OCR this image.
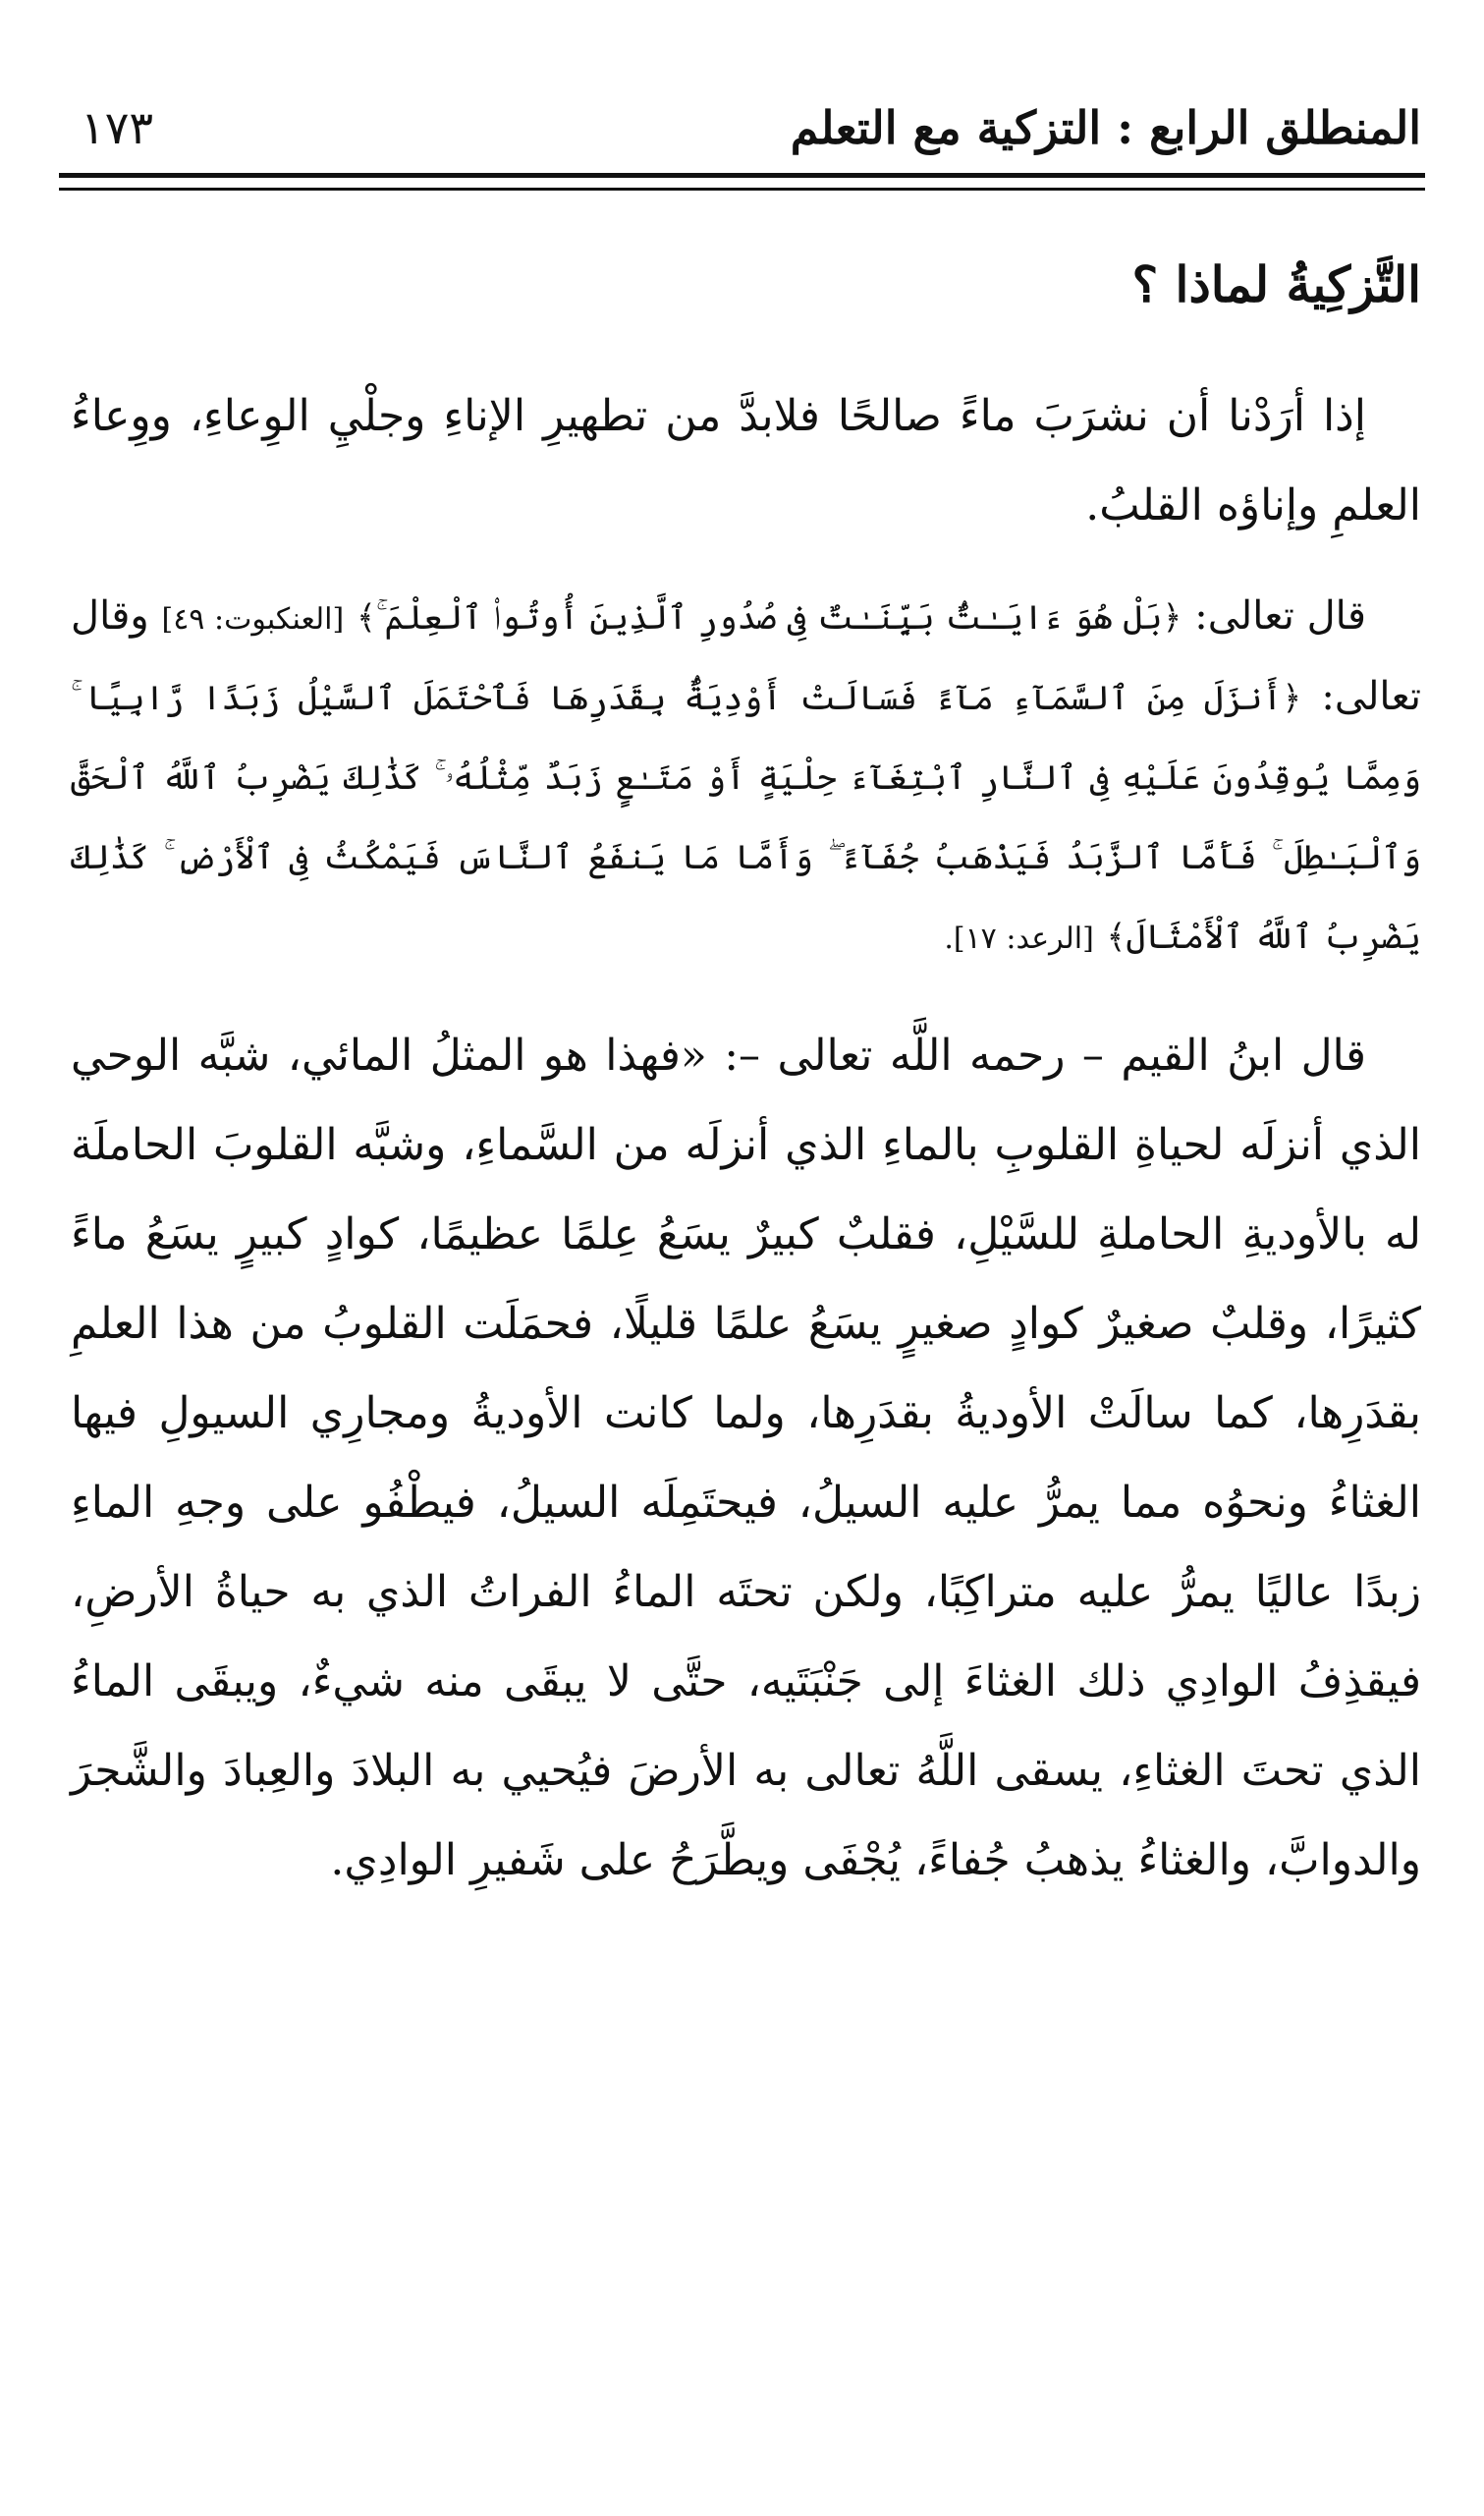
المنطلق الرابع : التزكية مع التعلم
١٧٣
التَّزكِيةُ لماذا ؟

إذا أرَدْنا أن نشرَبَ ماءً صالحًا فلابدَّ من تطهيرِ الإناءِ وجلْيِ الوِعاءِ، ووِعاءُ العلمِ وإناؤه القلبُ.

قال تعالى: ﴿بَلْ هُوَ ءَايَـٰتٌۢ بَيِّنَـٰتٌ فِى صُدُورِ ٱلَّذِينَ أُوتُوا۟ ٱلْعِلْمَ ۚ﴾ [العنكبوت: ٤٩] وقال تعالى: ﴿أَنزَلَ مِنَ ٱلسَّمَآءِ مَآءً فَسَالَتْ أَوْدِيَةٌۢ بِقَدَرِهَا فَٱحْتَمَلَ ٱلسَّيْلُ زَبَدًا رَّابِيًا ۚ وَمِمَّا يُوقِدُونَ عَلَيْهِ فِى ٱلنَّارِ ٱبْتِغَآءَ حِلْيَةٍ أَوْ مَتَـٰعٍ زَبَدٌ مِّثْلُهُۥ ۚ كَذَٰلِكَ يَضْرِبُ ٱللَّهُ ٱلْحَقَّ وَٱلْبَـٰطِلَ ۚ فَأَمَّا ٱلزَّبَدُ فَيَذْهَبُ جُفَآءً ۖ وَأَمَّا مَا يَنفَعُ ٱلنَّاسَ فَيَمْكُثُ فِى ٱلْأَرْضِ ۚ كَذَٰلِكَ يَضْرِبُ ٱللَّهُ ٱلْأَمْثَالَ﴾ [الرعد: ١٧].

قال ابنُ القيم – رحمه اللَّه تعالى –: «فهذا هو المثلُ المائي، شبَّه الوحي الذي أنزلَه لحياةِ القلوبِ بالماءِ الذي أنزلَه من السَّماءِ، وشبَّه القلوبَ الحاملَة له بالأوديةِ الحاملةِ للسَّيْلِ، فقلبٌ كبيرٌ يسَعُ عِلمًا عظيمًا، كوادٍ كبيرٍ يسَعُ ماءً كثيرًا، وقلبٌ صغيرٌ كوادٍ صغيرٍ يسَعُ علمًا قليلًا، فحمَلَت القلوبُ من هذا العلمِ بقدَرِها، كما سالَتْ الأوديةُ بقدَرِها، ولما كانت الأوديةُ ومجارِي السيولِ فيها الغثاءُ ونحوُه مما يمرُّ عليه السيلُ، فيحتَمِلَه السيلُ، فيطْفُو على وجهِ الماءِ زبدًا عاليًا يمرُّ عليه متراكِبًا، ولكن تحتَه الماءُ الفراتُ الذي به حياةُ الأرضِ، فيقذِفُ الوادِي ذلك الغثاءَ إلى جَنْبَتَيه، حتَّى لا يبقَى منه شيءٌ، ويبقَى الماءُ الذي تحتَ الغثاءِ، يسقى اللَّهُ تعالى به الأرضَ فيُحيي به البلادَ والعِبادَ والشَّجرَ والدوابَّ، والغثاءُ يذهبُ جُفاءً، يُجْفَى ويطَّرَحُ على شَفيرِ الوادِي.
